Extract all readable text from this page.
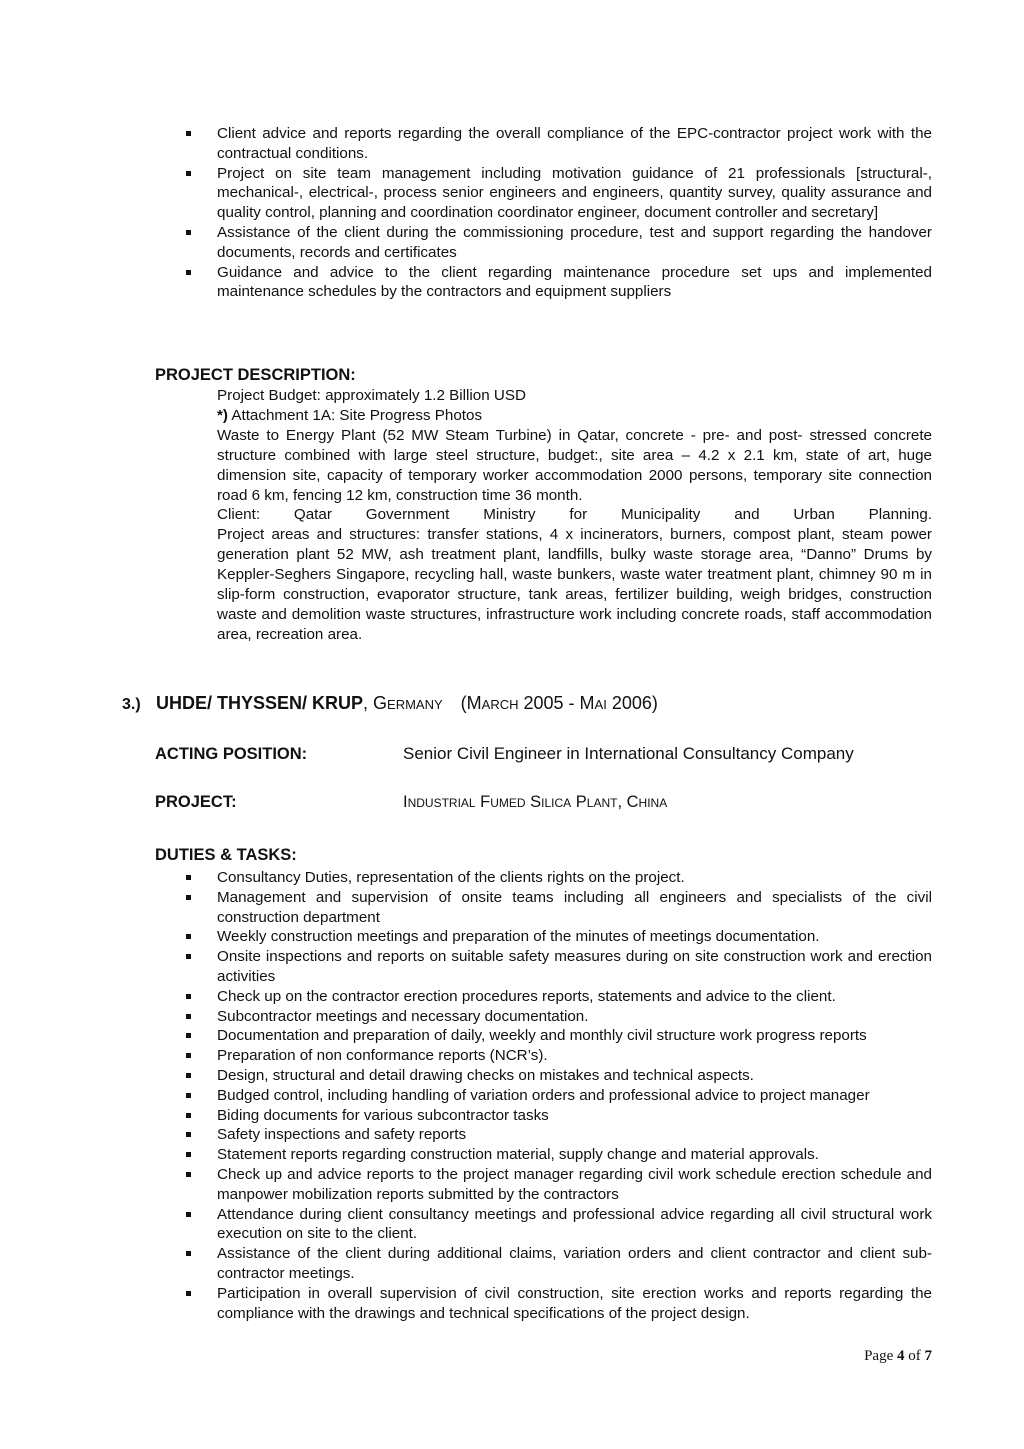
Client advice and reports regarding the overall compliance of the EPC-contractor project work with the contractual conditions.
Project on site team management including motivation guidance of 21 professionals [structural-, mechanical-, electrical-, process senior engineers and engineers, quantity survey, quality assurance and quality control, planning and coordination coordinator engineer, document controller and secretary]
Assistance of the client during the commissioning procedure, test and support regarding the handover documents, records and certificates
Guidance and advice to the client regarding maintenance procedure set ups and implemented maintenance schedules by the contractors and equipment suppliers
PROJECT DESCRIPTION:

Project Budget: approximately 1.2 Billion USD

*) Attachment 1A: Site Progress Photos

Waste to Energy Plant (52 MW Steam Turbine) in Qatar, concrete - pre- and post- stressed concrete structure combined with large steel structure, budget:, site area – 4.2 x 2.1 km, state of art, huge dimension site, capacity of temporary worker accommodation 2000 persons, temporary site connection road 6 km, fencing 12 km, construction time 36 month.

Client:    Qatar    Government    Ministry    for    Municipality    and    Urban    Planning.

Project areas and structures: transfer stations, 4 x incinerators, burners, compost plant, steam power generation plant 52 MW, ash treatment plant, landfills, bulky waste storage area, “Danno” Drums by Keppler-Seghers Singapore, recycling hall, waste bunkers, waste water treatment plant, chimney 90 m in slip-form construction, evaporator structure, tank areas, fertilizer building, weigh bridges, construction waste and demolition waste structures, infrastructure work including concrete roads, staff accommodation area, recreation area.

3.) UHDE/ THYSSEN/ KRUP, Germany (March 2005 - Mai 2006)
ACTING POSITION:	Senior Civil Engineer in International Consultancy Company
PROJECT:	Industrial Fumed Silica Plant, China
DUTIES & TASKS:
Consultancy Duties, representation of the clients rights on the project.
Management and supervision of onsite teams including all engineers and specialists of the civil construction department
Weekly construction meetings and preparation of the minutes of meetings documentation.
Onsite inspections and reports on suitable safety measures during on site construction work and erection activities
Check up on the contractor erection procedures reports, statements and advice to the client.
Subcontractor meetings and necessary documentation.
Documentation and preparation of daily, weekly and monthly civil structure work progress reports
Preparation of non conformance reports (NCR’s).
Design, structural and detail drawing checks on mistakes and technical aspects.
Budged control, including handling of variation orders and professional advice to project manager
Biding documents for various subcontractor tasks
Safety inspections and safety reports
Statement reports regarding construction material, supply change and material approvals.
Check up and advice reports to the project manager regarding civil work schedule erection schedule and manpower mobilization reports submitted by the contractors
Attendance during client consultancy meetings and professional advice regarding all civil structural work execution on site to the client.
Assistance of the client during additional claims, variation orders and client contractor and client sub-contractor meetings.
Participation in overall supervision of civil construction, site erection works and reports regarding the compliance with the drawings and technical specifications of the project design.
Page 4 of 7
